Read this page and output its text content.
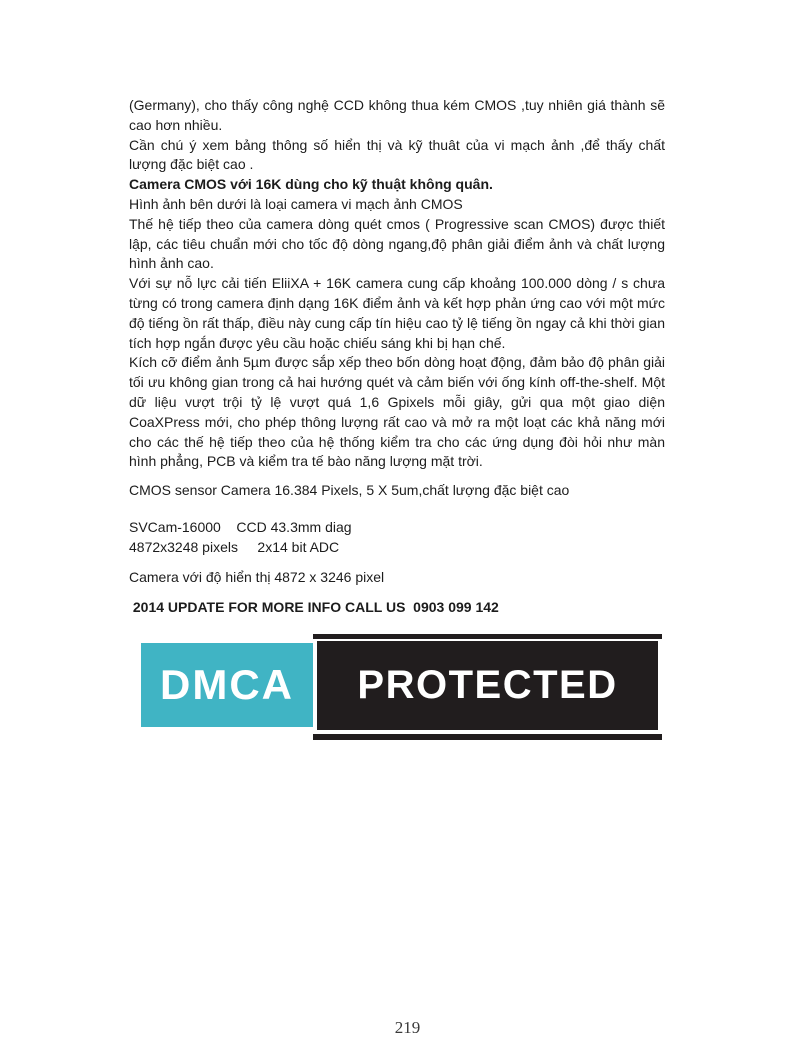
(Germany), cho thấy công nghệ CCD không thua kém CMOS ,tuy nhiên giá thành sẽ
cao hơn nhiều.
Cần chú ý xem bảng thông số hiển thị và kỹ thuât của vi mạch ảnh ,để thấy chất
lượng đặc biệt cao .
Camera CMOS với 16K dùng cho kỹ thuật không quân.
Hình ảnh bên dưới là loại camera vi mạch ảnh CMOS
Thế hệ tiếp theo của camera dòng quét cmos ( Progressive scan CMOS) được thiết
lập, các tiêu chuẩn mới cho tốc độ dòng ngang,độ phân giải điểm ảnh và chất lượng
hình ảnh cao.
Với sự nỗ lực cải tiến EliiXA + 16K camera cung cấp khoảng 100.000 dòng / s chưa
từng có trong camera định dạng 16K điểm ảnh và kết hợp phản ứng cao với một mức
độ tiếng ồn rất thấp, điều này cung cấp tín hiệu cao tỷ lệ tiếng ồn ngay cả khi thời gian
tích hợp ngắn được yêu cầu hoặc chiếu sáng khi bị hạn chế.
Kích cỡ điểm ảnh 5µm được sắp xếp theo bốn dòng hoạt động, đảm bảo độ phân giải
tối ưu không gian trong cả hai hướng quét và cảm biến với ống kính off-the-shelf. Một
dữ liệu vượt trội tỷ lệ vượt quá 1,6 Gpixels mỗi giây, gửi qua một giao diện
CoaXPress mới, cho phép thông lượng rất cao và mở ra một loạt các khả năng mới
cho các thế hệ tiếp theo của hệ thống kiểm tra cho các ứng dụng đòi hỏi như màn
hình phẳng, PCB và kiểm tra tế bào năng lượng mặt trời.
CMOS sensor Camera 16.384 Pixels, 5 X 5um,chất lượng đặc biệt cao
SVCam-16000    CCD 43.3mm diag
4872x3248 pixels     2x14 bit ADC
Camera với độ hiển thị 4872 x 3246 pixel
2014 UPDATE FOR MORE INFO CALL US  0903 099 142
DMCA	PROTECTED
219
